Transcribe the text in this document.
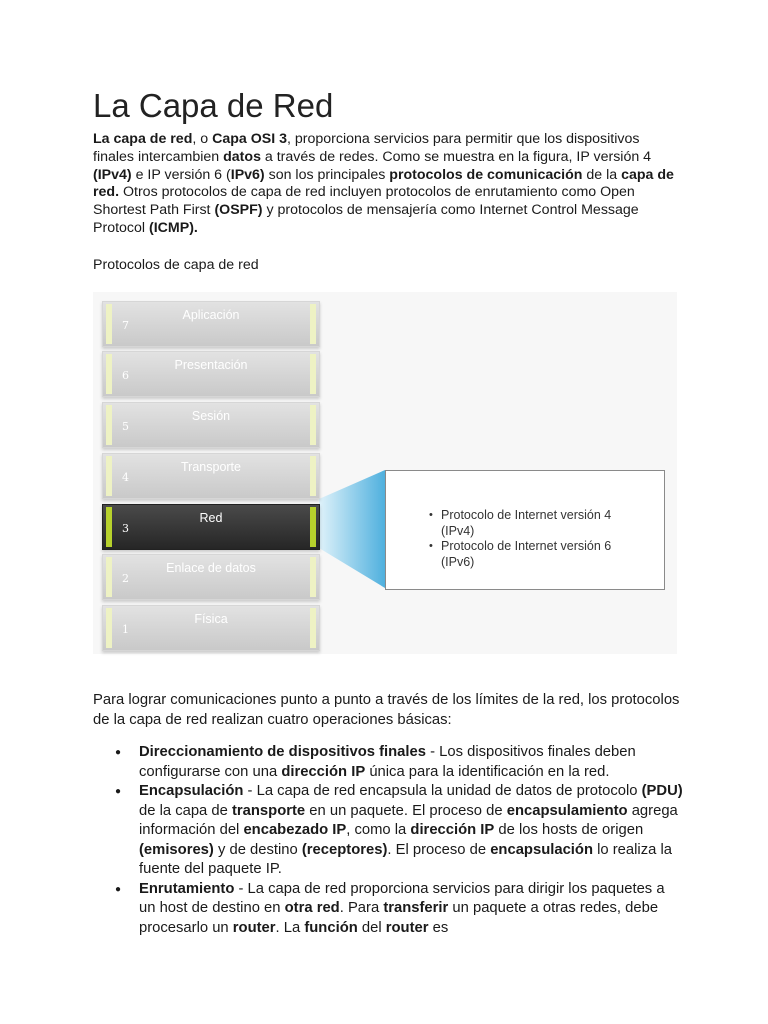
La Capa de Red

La capa de red, o Capa OSI 3, proporciona servicios para permitir que los dispositivos finales intercambien datos a través de redes. Como se muestra en la figura, IP versión 4 (IPv4) e IP versión 6 (IPv6) son los principales protocolos de comunicación de la capa de red. Otros protocolos de capa de red incluyen protocolos de enrutamiento como Open Shortest Path First (OSPF) y protocolos de mensajería como Internet Control Message Protocol (ICMP).

Protocolos de capa de red

7
Aplicación
6
Presentación
5
Sesión
4
Transporte
3
Red
2
Enlace de datos
1
Física
• Protocolo de Internet versión 4 (IPv4)
• Protocolo de Internet versión 6 (IPv6)

Para lograr comunicaciones punto a punto a través de los límites de la red, los protocolos de la capa de red realizan cuatro operaciones básicas:

● Direccionamiento de dispositivos finales - Los dispositivos finales deben configurarse con una dirección IP única para la identificación en la red.
● Encapsulación - La capa de red encapsula la unidad de datos de protocolo (PDU) de la capa de transporte en un paquete. El proceso de encapsulamiento agrega información del encabezado IP, como la dirección IP de los hosts de origen (emisores) y de destino (receptores). El proceso de encapsulación lo realiza la fuente del paquete IP.
● Enrutamiento - La capa de red proporciona servicios para dirigir los paquetes a un host de destino en otra red. Para transferir un paquete a otras redes, debe procesarlo un router. La función del router es
